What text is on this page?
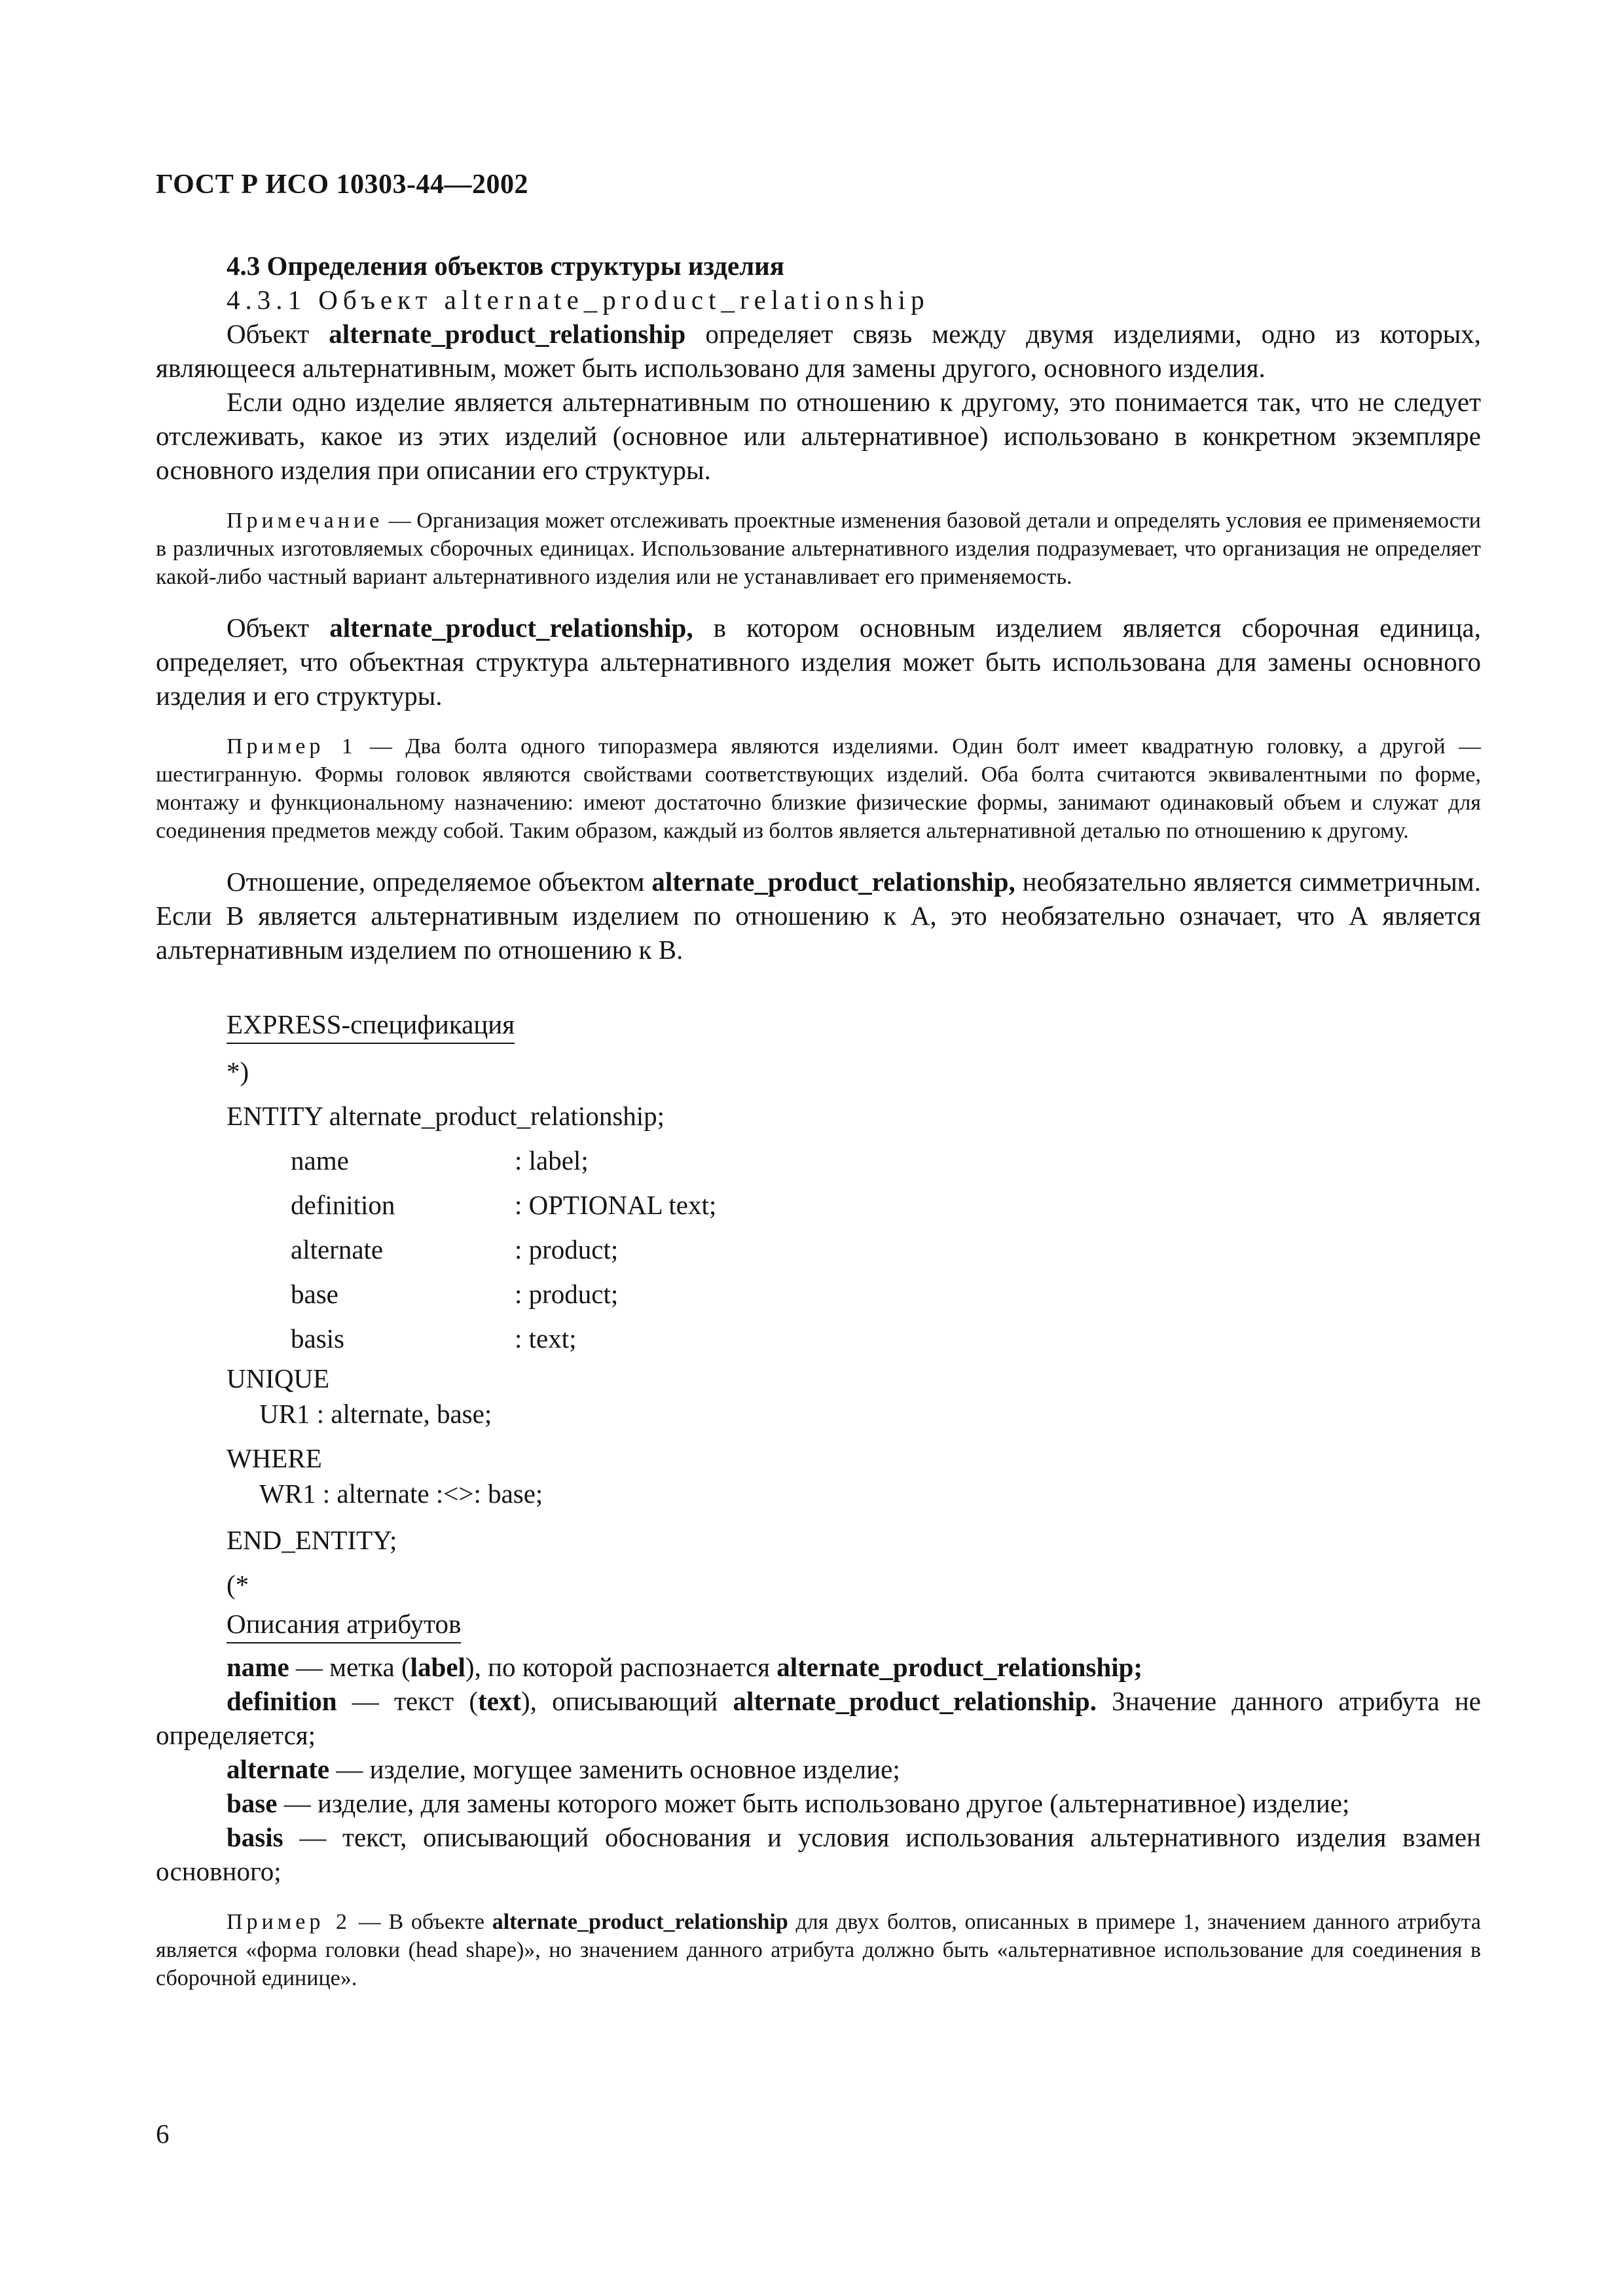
ГОСТ Р ИСО 10303-44—2002
4.3 Определения объектов структуры изделия
4.3.1 Объект alternate_product_relationship

Объект alternate_product_relationship определяет связь между двумя изделиями, одно из которых, являющееся альтернативным, может быть использовано для замены другого, основного изделия.

Если одно изделие является альтернативным по отношению к другому, это понимается так, что не следует отслеживать, какое из этих изделий (основное или альтернативное) использовано в конкретном экземпляре основного изделия при описании его структуры.

Примечание — Организация может отслеживать проектные изменения базовой детали и определять условия ее применяемости в различных изготовляемых сборочных единицах. Использование альтернативного изделия подразумевает, что организация не определяет какой-либо частный вариант альтернативного изделия или не устанавливает его применяемость.

Объект alternate_product_relationship, в котором основным изделием является сборочная единица, определяет, что объектная структура альтернативного изделия может быть использована для замены основного изделия и его структуры.

Пример 1 — Два болта одного типоразмера являются изделиями. Один болт имеет квадратную головку, а другой — шестигранную. Формы головок являются свойствами соответствующих изделий. Оба болта считаются эквивалентными по форме, монтажу и функциональному назначению: имеют достаточно близкие физические формы, занимают одинаковый объем и служат для соединения предметов между собой. Таким образом, каждый из болтов является альтернативной деталью по отношению к другому.

Отношение, определяемое объектом alternate_product_relationship, необязательно является симметричным. Если В является альтернативным изделием по отношению к А, это необязательно означает, что А является альтернативным изделием по отношению к В.

EXPRESS-спецификация
*)
ENTITY alternate_product_relationship;
name	: label;
definition	: OPTIONAL text;
alternate	: product;
base	: product;
basis	: text;
UNIQUE
UR1 : alternate, base;
WHERE
WR1 : alternate :<>: base;
END_ENTITY;
(*
Описания атрибутов

name — метка (label), по которой распознается alternate_product_relationship;

definition — текст (text), описывающий alternate_product_relationship. Значение данного атрибута не определяется;

alternate — изделие, могущее заменить основное изделие;

base — изделие, для замены которого может быть использовано другое (альтернативное) изделие;

basis — текст, описывающий обоснования и условия использования альтернативного изделия взамен основного;

Пример 2 — В объекте alternate_product_relationship для двух болтов, описанных в примере 1, значением данного атрибута является «форма головки (head shape)», но значением данного атрибута должно быть «альтернативное использование для соединения в сборочной единице».

6
